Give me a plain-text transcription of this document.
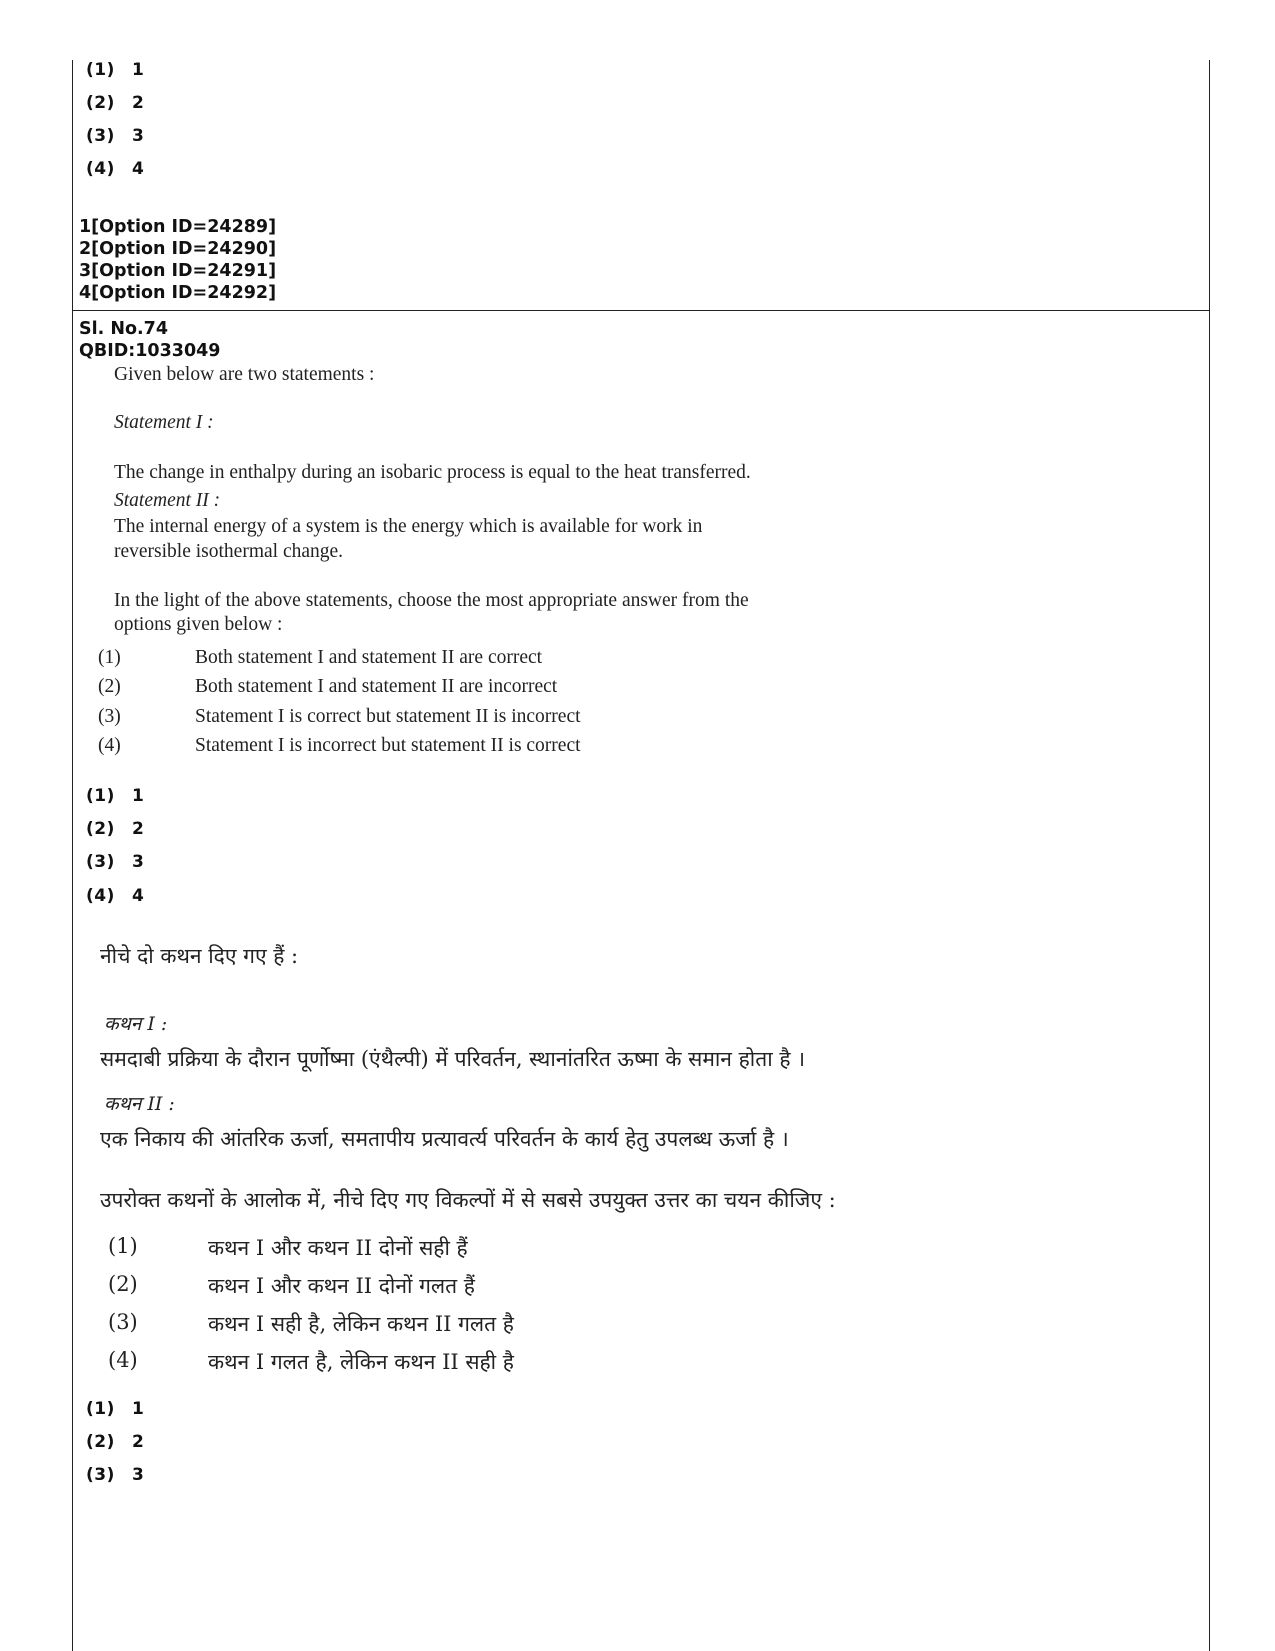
(1) 1
(2) 2
(3) 3
(4) 4
1[Option ID=24289]
2[Option ID=24290]
3[Option ID=24291]
4[Option ID=24292]
Sl. No.74
QBID:1033049
Given below are two statements :
Statement I :
The change in enthalpy during an isobaric process is equal to the heat transferred.
Statement II :
The internal energy of a system is the energy which is available for work in
reversible isothermal change.
In the light of the above statements, choose the most appropriate answer from the
options given below :
(1)	Both statement I and statement II are correct
(2)	Both statement I and statement II are incorrect
(3)	Statement I is correct but statement II is incorrect
(4)	Statement I is incorrect but statement II is correct
(1) 1
(2) 2
(3) 3
(4) 4
नीचे दो कथन दिए गए हैं :
कथन I :
समदाबी प्रक्रिया के दौरान पूर्णोष्मा (एंथैल्पी) में परिवर्तन, स्थानांतरित ऊष्मा के समान होता है ।
कथन II :
एक निकाय की आंतरिक ऊर्जा, समतापीय प्रत्यावर्त्य परिवर्तन के कार्य हेतु उपलब्ध ऊर्जा है ।
उपरोक्त कथनों के आलोक में, नीचे दिए गए विकल्पों में से सबसे उपयुक्त उत्तर का चयन कीजिए :
(1)	कथन I और कथन II दोनों सही हैं
(2)	कथन I और कथन II दोनों गलत हैं
(3)	कथन I सही है, लेकिन कथन II गलत है
(4)	कथन I गलत है, लेकिन कथन II सही है
(1) 1
(2) 2
(3) 3
